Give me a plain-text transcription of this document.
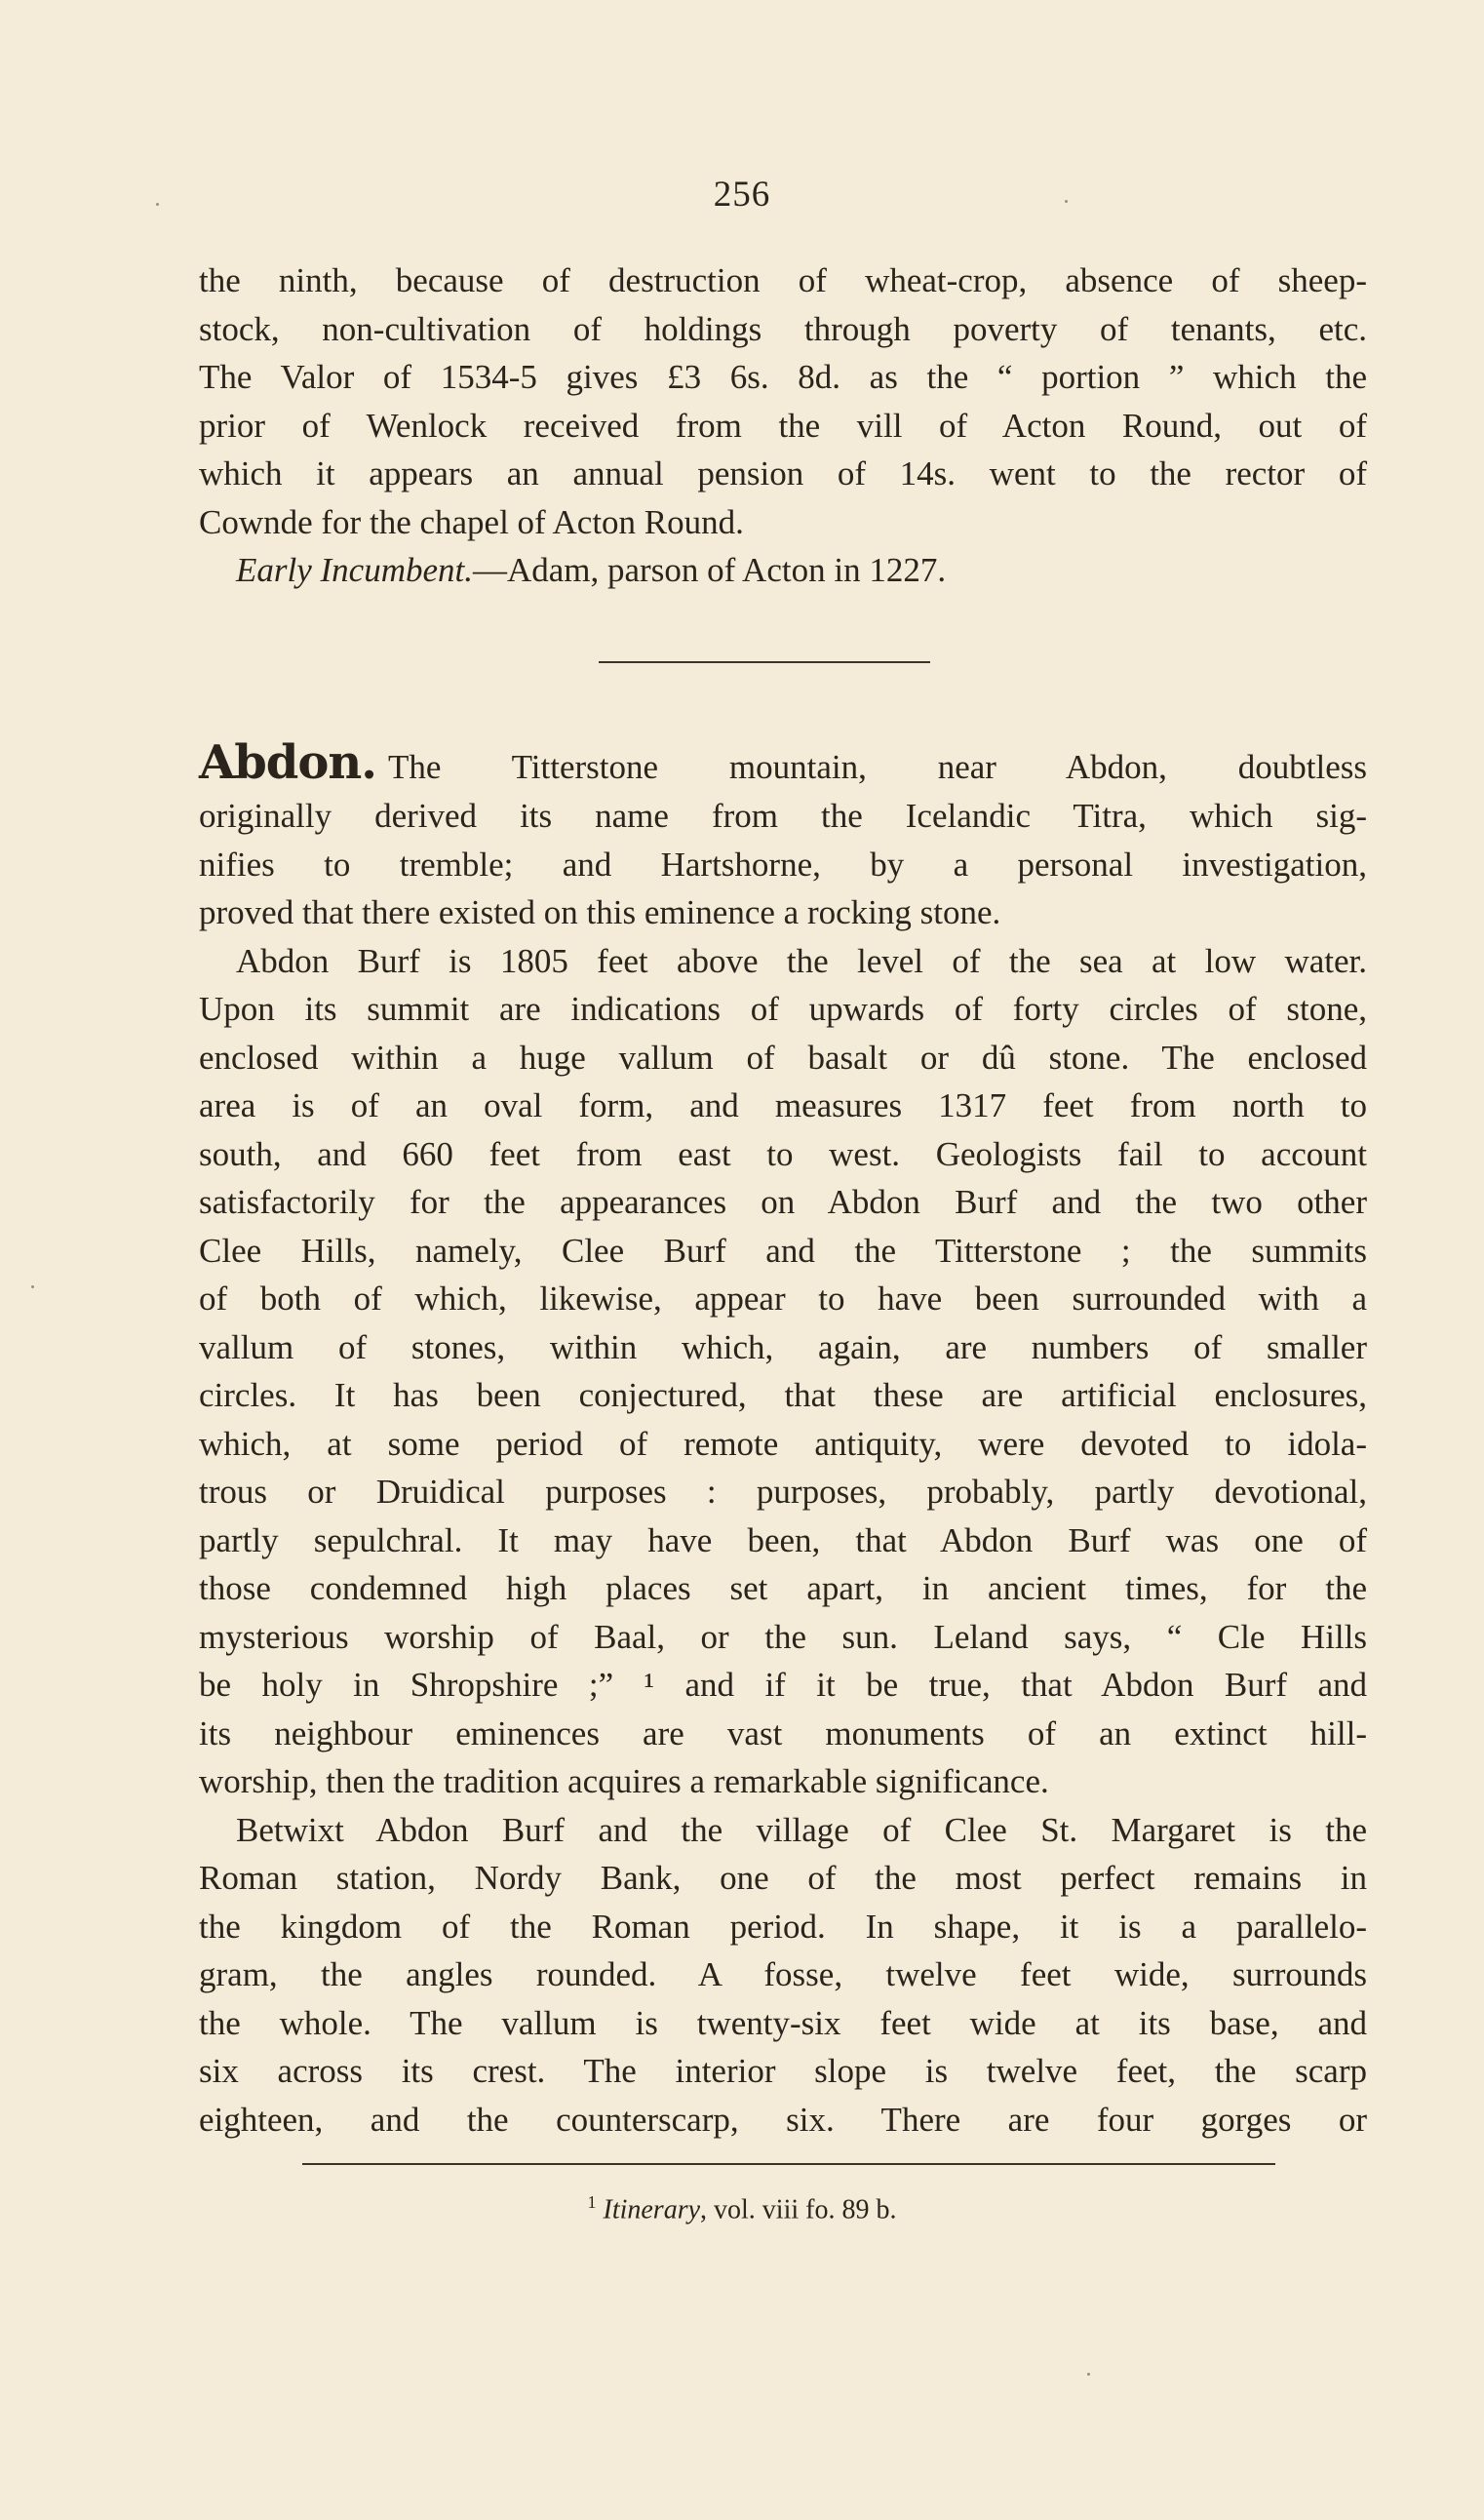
256
the ninth, because of destruction of wheat-crop, absence of sheep-
stock, non-cultivation of holdings through poverty of tenants, etc.
The Valor of 1534-5 gives £3 6s. 8d. as the “ portion ” which the
prior of Wenlock received from the vill of Acton Round, out of
which it appears an annual pension of 14s. went to the rector of
Cownde for the chapel of Acton Round.
Early Incumbent.—Adam, parson of Acton in 1227.
Abdon. The Titterstone mountain, near Abdon, doubtless
originally derived its name from the Icelandic Titra, which sig-
nifies to tremble; and Hartshorne, by a personal investigation,
proved that there existed on this eminence a rocking stone.
Abdon Burf is 1805 feet above the level of the sea at low water.
Upon its summit are indications of upwards of forty circles of stone,
enclosed within a huge vallum of basalt or dû stone. The enclosed
area is of an oval form, and measures 1317 feet from north to
south, and 660 feet from east to west. Geologists fail to account
satisfactorily for the appearances on Abdon Burf and the two other
Clee Hills, namely, Clee Burf and the Titterstone ; the summits
of both of which, likewise, appear to have been surrounded with a
vallum of stones, within which, again, are numbers of smaller
circles. It has been conjectured, that these are artificial enclosures,
which, at some period of remote antiquity, were devoted to idola-
trous or Druidical purposes : purposes, probably, partly devotional,
partly sepulchral. It may have been, that Abdon Burf was one of
those condemned high places set apart, in ancient times, for the
mysterious worship of Baal, or the sun. Leland says, “ Cle Hills
be holy in Shropshire ;” ¹ and if it be true, that Abdon Burf and
its neighbour eminences are vast monuments of an extinct hill-
worship, then the tradition acquires a remarkable significance.
Betwixt Abdon Burf and the village of Clee St. Margaret is the
Roman station, Nordy Bank, one of the most perfect remains in
the kingdom of the Roman period. In shape, it is a parallelo-
gram, the angles rounded. A fosse, twelve feet wide, surrounds
the whole. The vallum is twenty-six feet wide at its base, and
six across its crest. The interior slope is twelve feet, the scarp
eighteen, and the counterscarp, six. There are four gorges or
$^1$ Itinerary, vol. viii fo. 89 b.
